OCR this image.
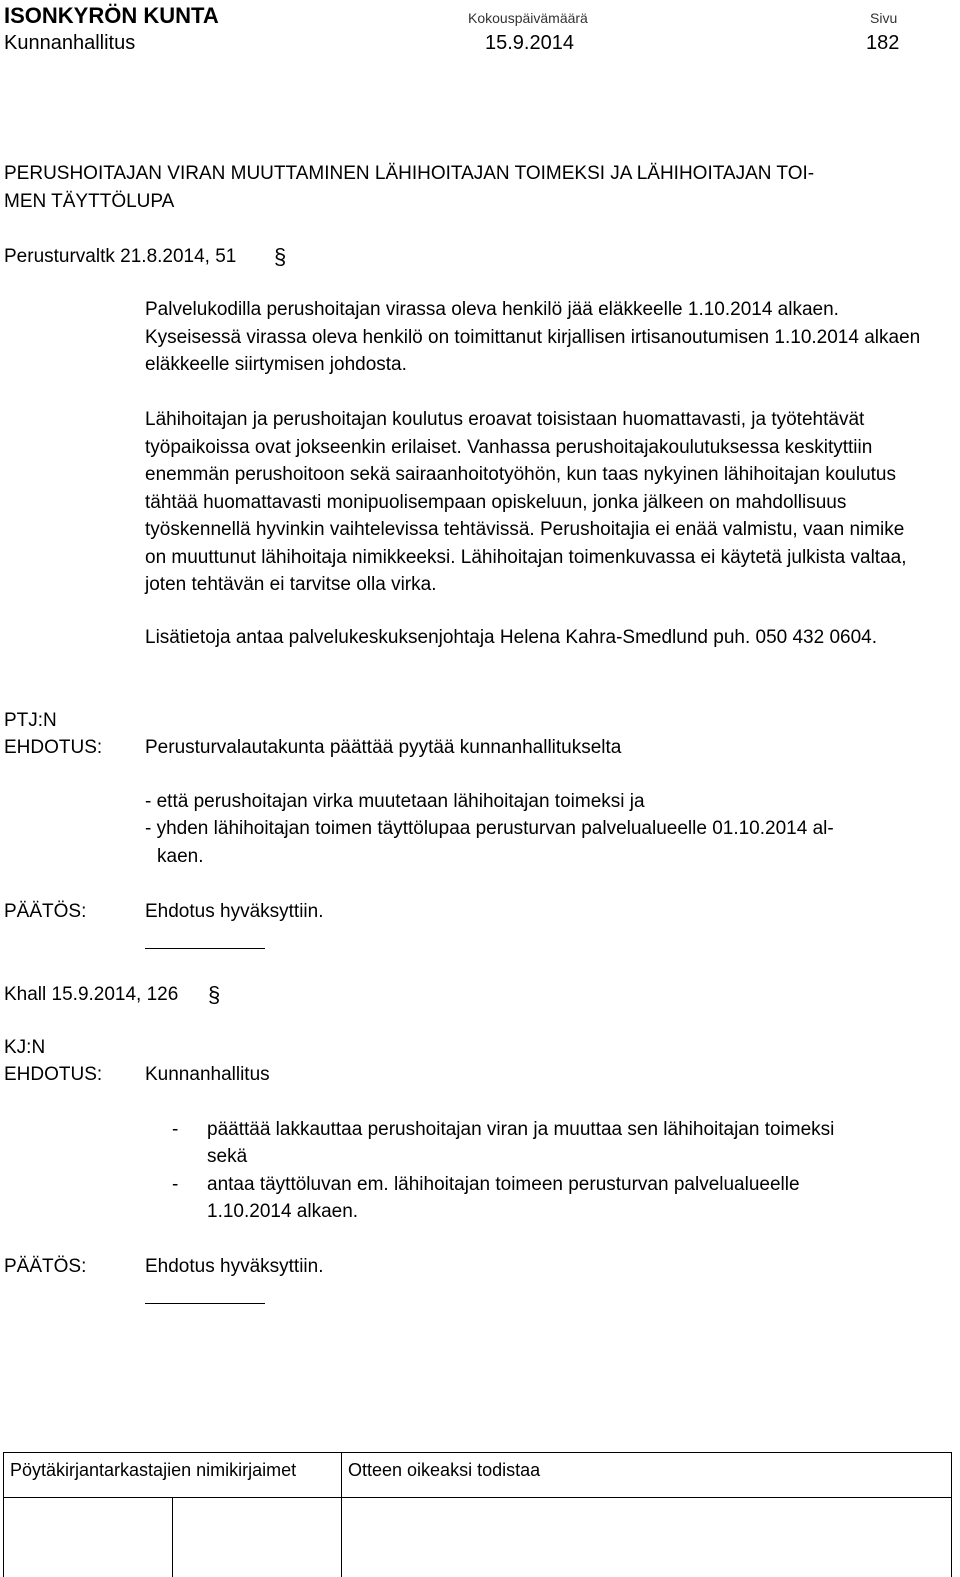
ISONKYRÖN KUNTA
Kunnanhallitus
Kokouspäivämäärä
15.9.2014
Sivu
182
PERUSHOITAJAN VIRAN MUUTTAMINEN LÄHIHOITAJAN TOIMEKSI JA LÄHIHOITAJAN TOI-
MEN TÄYTTÖLUPA
Perusturvaltk 21.8.2014, 51 §
Palvelukodilla perushoitajan virassa oleva henkilö jää eläkkeelle 1.10.2014 alkaen. Kyseisessä virassa oleva henkilö on toimittanut kirjallisen irtisanoutumisen 1.10.2014 alkaen eläkkeelle siirtymisen johdosta.
Lähihoitajan ja perushoitajan koulutus eroavat toisistaan huomattavasti, ja työtehtävät työpaikoissa ovat jokseenkin erilaiset. Vanhassa perushoitajakoulutuksessa keskityttiin enemmän perushoitoon sekä sairaanhoitotyöhön, kun taas nykyinen lähihoitajan koulutus tähtää huomattavasti monipuolisempaan opiskeluun, jonka jälkeen on mahdollisuus työskennellä hyvinkin vaihtelevissa tehtävissä. Perushoitajia ei enää valmistu, vaan nimike on muuttunut lähihoitaja nimikkeeksi. Lähihoitajan toimenkuvassa ei käytetä julkista valtaa, joten tehtävän ei tarvitse olla virka.
Lisätietoja antaa palvelukeskuksenjohtaja Helena Kahra-Smedlund puh. 050 432 0604.
PTJ:N
EHDOTUS: Perusturvalautakunta päättää pyytää kunnanhallitukselta
- että perushoitajan virka muutetaan lähihoitajan toimeksi ja
- yhden lähihoitajan toimen täyttölupaa perusturvan palvelualueelle 01.10.2014 al-
kaen.
PÄÄTÖS:	Ehdotus hyväksyttiin.
Khall 15.9.2014, 126 §
KJ:N
EHDOTUS: Kunnanhallitus
- päättää lakkauttaa perushoitajan viran ja muuttaa sen lähihoitajan toimeksi
sekä
- antaa täyttöluvan em. lähihoitajan toimeen perusturvan palvelualueelle
1.10.2014 alkaen.
PÄÄTÖS:	Ehdotus hyväksyttiin.
Pöytäkirjantarkastajien nimikirjaimet	Otteen oikeaksi todistaa
